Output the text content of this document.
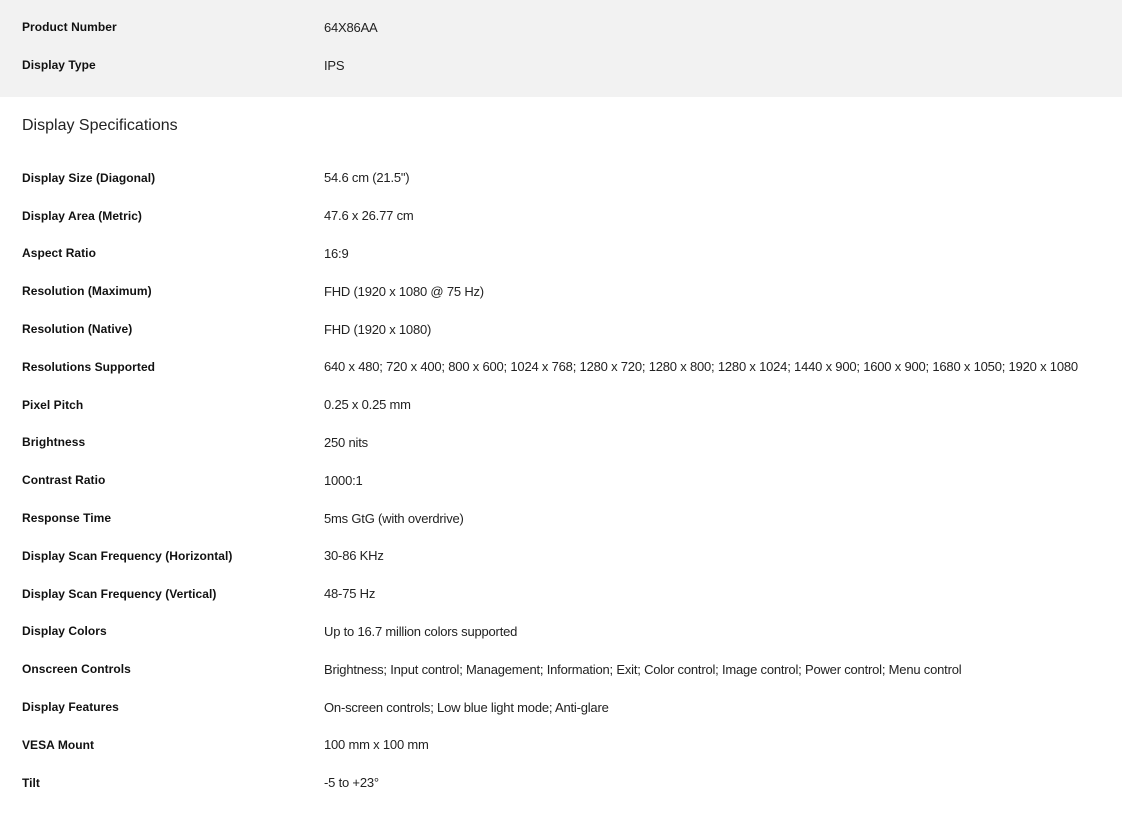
Product Number	64X86AA
Display Type	IPS
Display Specifications
Display Size (Diagonal)	54.6 cm (21.5")
Display Area (Metric)	47.6 x 26.77 cm
Aspect Ratio	16:9
Resolution (Maximum)	FHD (1920 x 1080 @ 75 Hz)
Resolution (Native)	FHD (1920 x 1080)
Resolutions Supported	640 x 480; 720 x 400; 800 x 600; 1024 x 768; 1280 x 720; 1280 x 800; 1280 x 1024; 1440 x 900; 1600 x 900; 1680 x 1050; 1920 x 1080
Pixel Pitch	0.25 x 0.25 mm
Brightness	250 nits
Contrast Ratio	1000:1
Response Time	5ms GtG (with overdrive)
Display Scan Frequency (Horizontal)	30-86 KHz
Display Scan Frequency (Vertical)	48-75 Hz
Display Colors	Up to 16.7 million colors supported
Onscreen Controls	Brightness; Input control; Management; Information; Exit; Color control; Image control; Power control; Menu control
Display Features	On-screen controls; Low blue light mode; Anti-glare
VESA Mount	100 mm x 100 mm
Tilt	-5 to +23°
